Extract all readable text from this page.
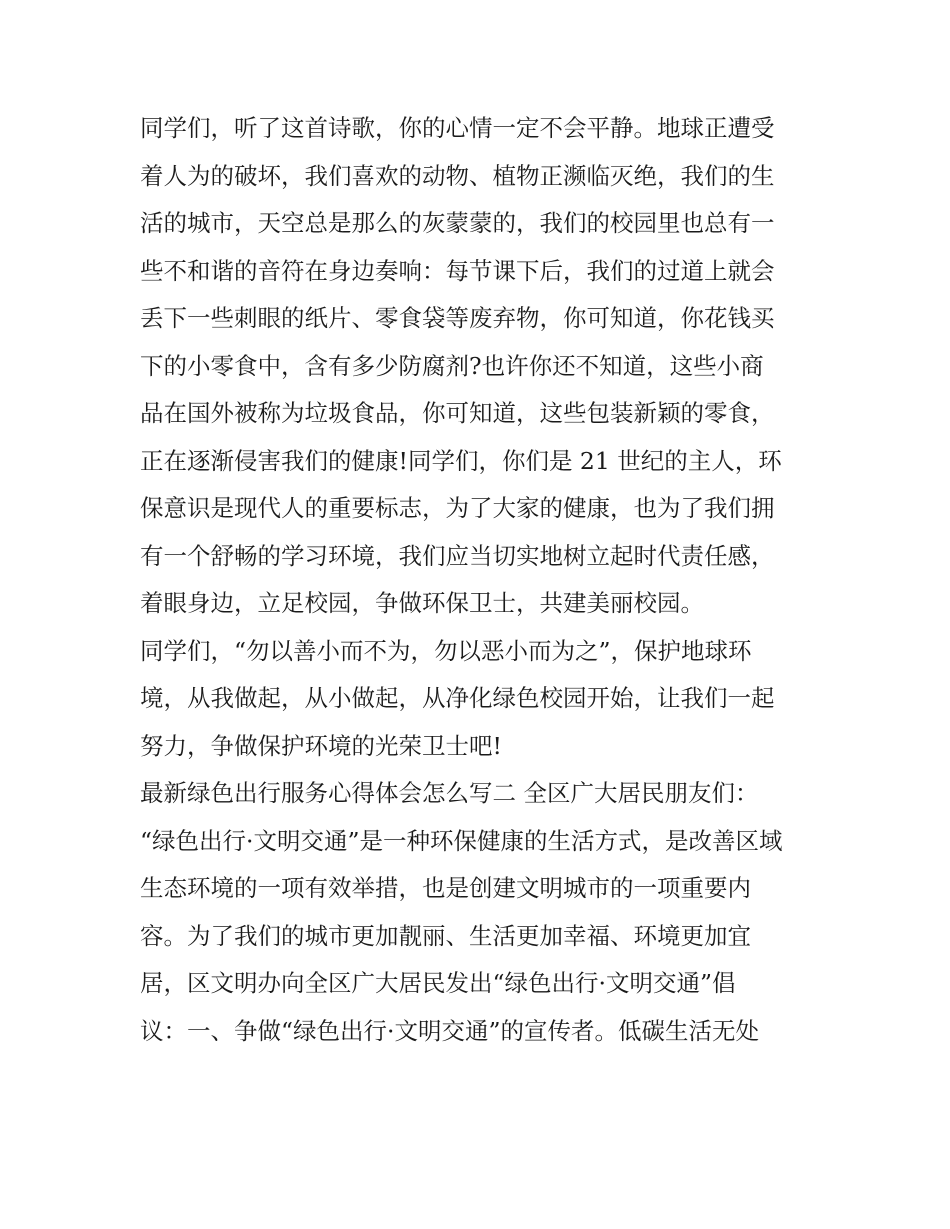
同学们，听了这首诗歌，你的心情一定不会平静。地球正遭受
着人为的破坏，我们喜欢的动物、植物正濒临灭绝，我们的生
活的城市，天空总是那么的灰蒙蒙的，我们的校园里也总有一
些不和谐的音符在身边奏响：每节课下后，我们的过道上就会
丢下一些刺眼的纸片、零食袋等废弃物，你可知道，你花钱买
下的小零食中，含有多少防腐剂?也许你还不知道，这些小商
品在国外被称为垃圾食品，你可知道，这些包装新颖的零食，
正在逐渐侵害我们的健康!同学们，你们是 21 世纪的主人，环
保意识是现代人的重要标志，为了大家的健康，也为了我们拥
有一个舒畅的学习环境，我们应当切实地树立起时代责任感，
着眼身边，立足校园，争做环保卫士，共建美丽校园。
同学们，“勿以善小而不为，勿以恶小而为之”，保护地球环
境，从我做起，从小做起，从净化绿色校园开始，让我们一起
努力，争做保护环境的光荣卫士吧!
最新绿色出行服务心得体会怎么写二 全区广大居民朋友们：
“绿色出行·文明交通”是一种环保健康的生活方式，是改善区域
生态环境的一项有效举措，也是创建文明城市的一项重要内
容。为了我们的城市更加靓丽、生活更加幸福、环境更加宜
居，区文明办向全区广大居民发出“绿色出行·文明交通”倡
议：一、争做“绿色出行·文明交通”的宣传者。低碳生活无处
